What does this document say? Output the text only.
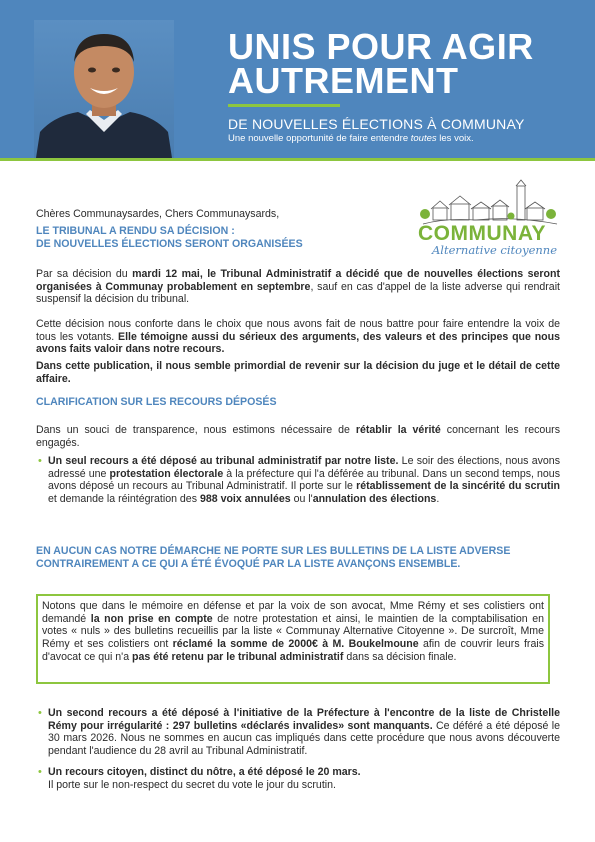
UNIS POUR AGIR AUTREMENT
DE NOUVELLES ÉLECTIONS À COMMUNAY
Une nouvelle opportunité de faire entendre toutes les voix.
COMMUNAY
Alternative citoyenne
Chères Communaysardes, Chers Communaysards,
LE TRIBUNAL A RENDU SA DÉCISION :
DE NOUVELLES ÉLECTIONS SERONT ORGANISÉES
Par sa décision du mardi 12 mai, le Tribunal Administratif a décidé que de nouvelles élections seront organisées à Communay probablement en septembre, sauf en cas d'appel de la liste adverse qui rendrait suspensif la décision du tribunal.
Cette décision nous conforte dans le choix que nous avons fait de nous battre pour faire entendre la voix de tous les votants. Elle témoigne aussi du sérieux des arguments, des valeurs et des principes que nous avons faits valoir dans notre recours.
Dans cette publication, il nous semble primordial de revenir sur la décision du juge et le détail de cette affaire.
CLARIFICATION SUR LES RECOURS DÉPOSÉS
Dans un souci de transparence, nous estimons nécessaire de rétablir la vérité concernant les recours engagés.
• Un seul recours a été déposé au tribunal administratif par notre liste. Le soir des élections, nous avons adressé une protestation électorale à la préfecture qui l'a déférée au tribunal. Dans un second temps, nous avons déposé un recours au Tribunal Administratif. Il porte sur le rétablissement de la sincérité du scrutin et demande la réintégration des 988 voix annulées ou l'annulation des élections.
EN AUCUN CAS NOTRE DÉMARCHE NE PORTE SUR LES BULLETINS DE LA LISTE ADVERSE
CONTRAIREMENT A CE QUI A ÉTÉ ÉVOQUÉ PAR LA LISTE AVANÇONS ENSEMBLE.
Notons que dans le mémoire en défense et par la voix de son avocat, Mme Rémy et ses colistiers ont demandé la non prise en compte de notre protestation et ainsi, le maintien de la comptabilisation en votes « nuls » des bulletins recueillis par la liste « Communay Alternative Citoyenne ». De surcroît, Mme Rémy et ses colistiers ont réclamé la somme de 2000€ à M. Boukelmoune afin de couvrir leurs frais d'avocat ce qui n'a pas été retenu par le tribunal administratif dans sa décision finale.
• Un second recours a été déposé à l'initiative de la Préfecture à l'encontre de la liste de Christelle Rémy pour irrégularité : 297 bulletins «déclarés invalides» sont manquants. Ce déféré a été déposé le 30 mars 2026. Nous ne sommes en aucun cas impliqués dans cette procédure que nous avons découverte pendant l'audience du 28 avril au Tribunal Administratif.
• Un recours citoyen, distinct du nôtre, a été déposé le 20 mars.
Il porte sur le non-respect du secret du vote le jour du scrutin.
